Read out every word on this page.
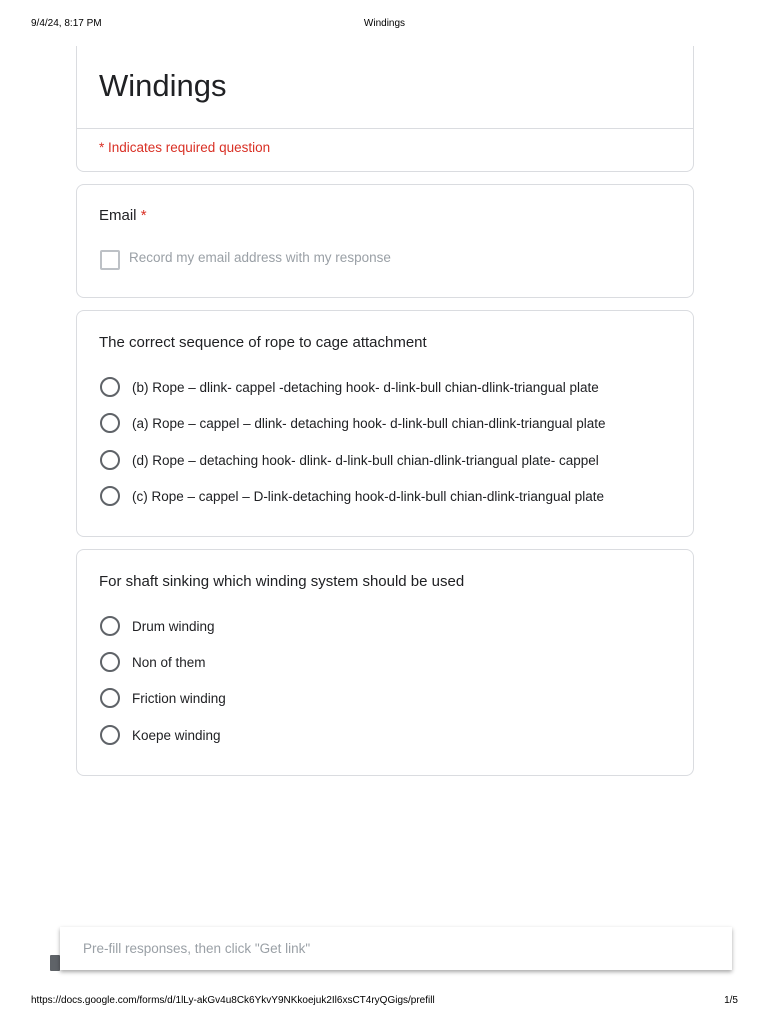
9/4/24, 8:17 PM	Windings
Windings
* Indicates required question
Email *
Record my email address with my response
The correct sequence of rope to cage attachment
(b) Rope – dlink- cappel -detaching hook- d-link-bull chian-dlink-triangual plate
(a) Rope – cappel – dlink- detaching hook- d-link-bull chian-dlink-triangual plate
(d) Rope – detaching hook- dlink- d-link-bull chian-dlink-triangual plate- cappel
(c) Rope – cappel – D-link-detaching hook-d-link-bull chian-dlink-triangual plate
For shaft sinking which winding system should be used
Drum winding
Non of them
Friction winding
Koepe winding
Pre-fill responses, then click "Get link"
https://docs.google.com/forms/d/1lLy-akGv4u8Ck6YkvY9NKkoejuk2Il6xsCT4ryQGigs/prefill	1/5
